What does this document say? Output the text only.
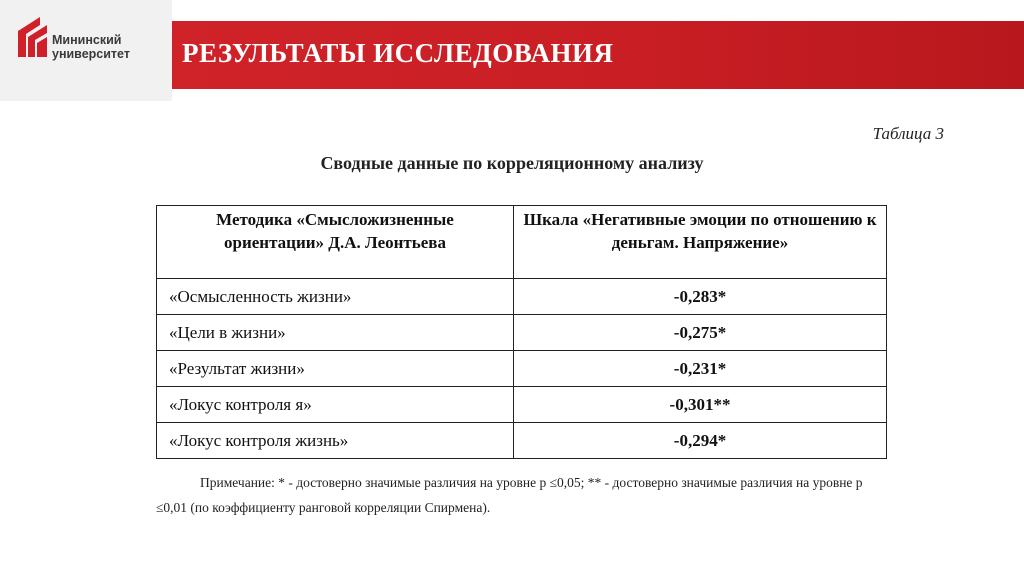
Мининский
университет РЕЗУЛЬТАТЫ ИССЛЕДОВАНИЯ
Таблица 3
Сводные данные по корреляционному анализу
Методика «Смысложизненные ориентации» Д.А. Леонтьева	Шкала «Негативные эмоции по отношению к деньгам. Напряжение»
«Осмысленность жизни»	-0,283*
«Цели в жизни»	-0,275*
«Результат жизни»	-0,231*
«Локус контроля я»	-0,301**
«Локус контроля жизнь»	-0,294*
Примечание: * - достоверно значимые различия на уровне р ≤0,05; ** - достоверно значимые различия на уровне р ≤0,01 (по коэффициенту ранговой корреляции Спирмена).
